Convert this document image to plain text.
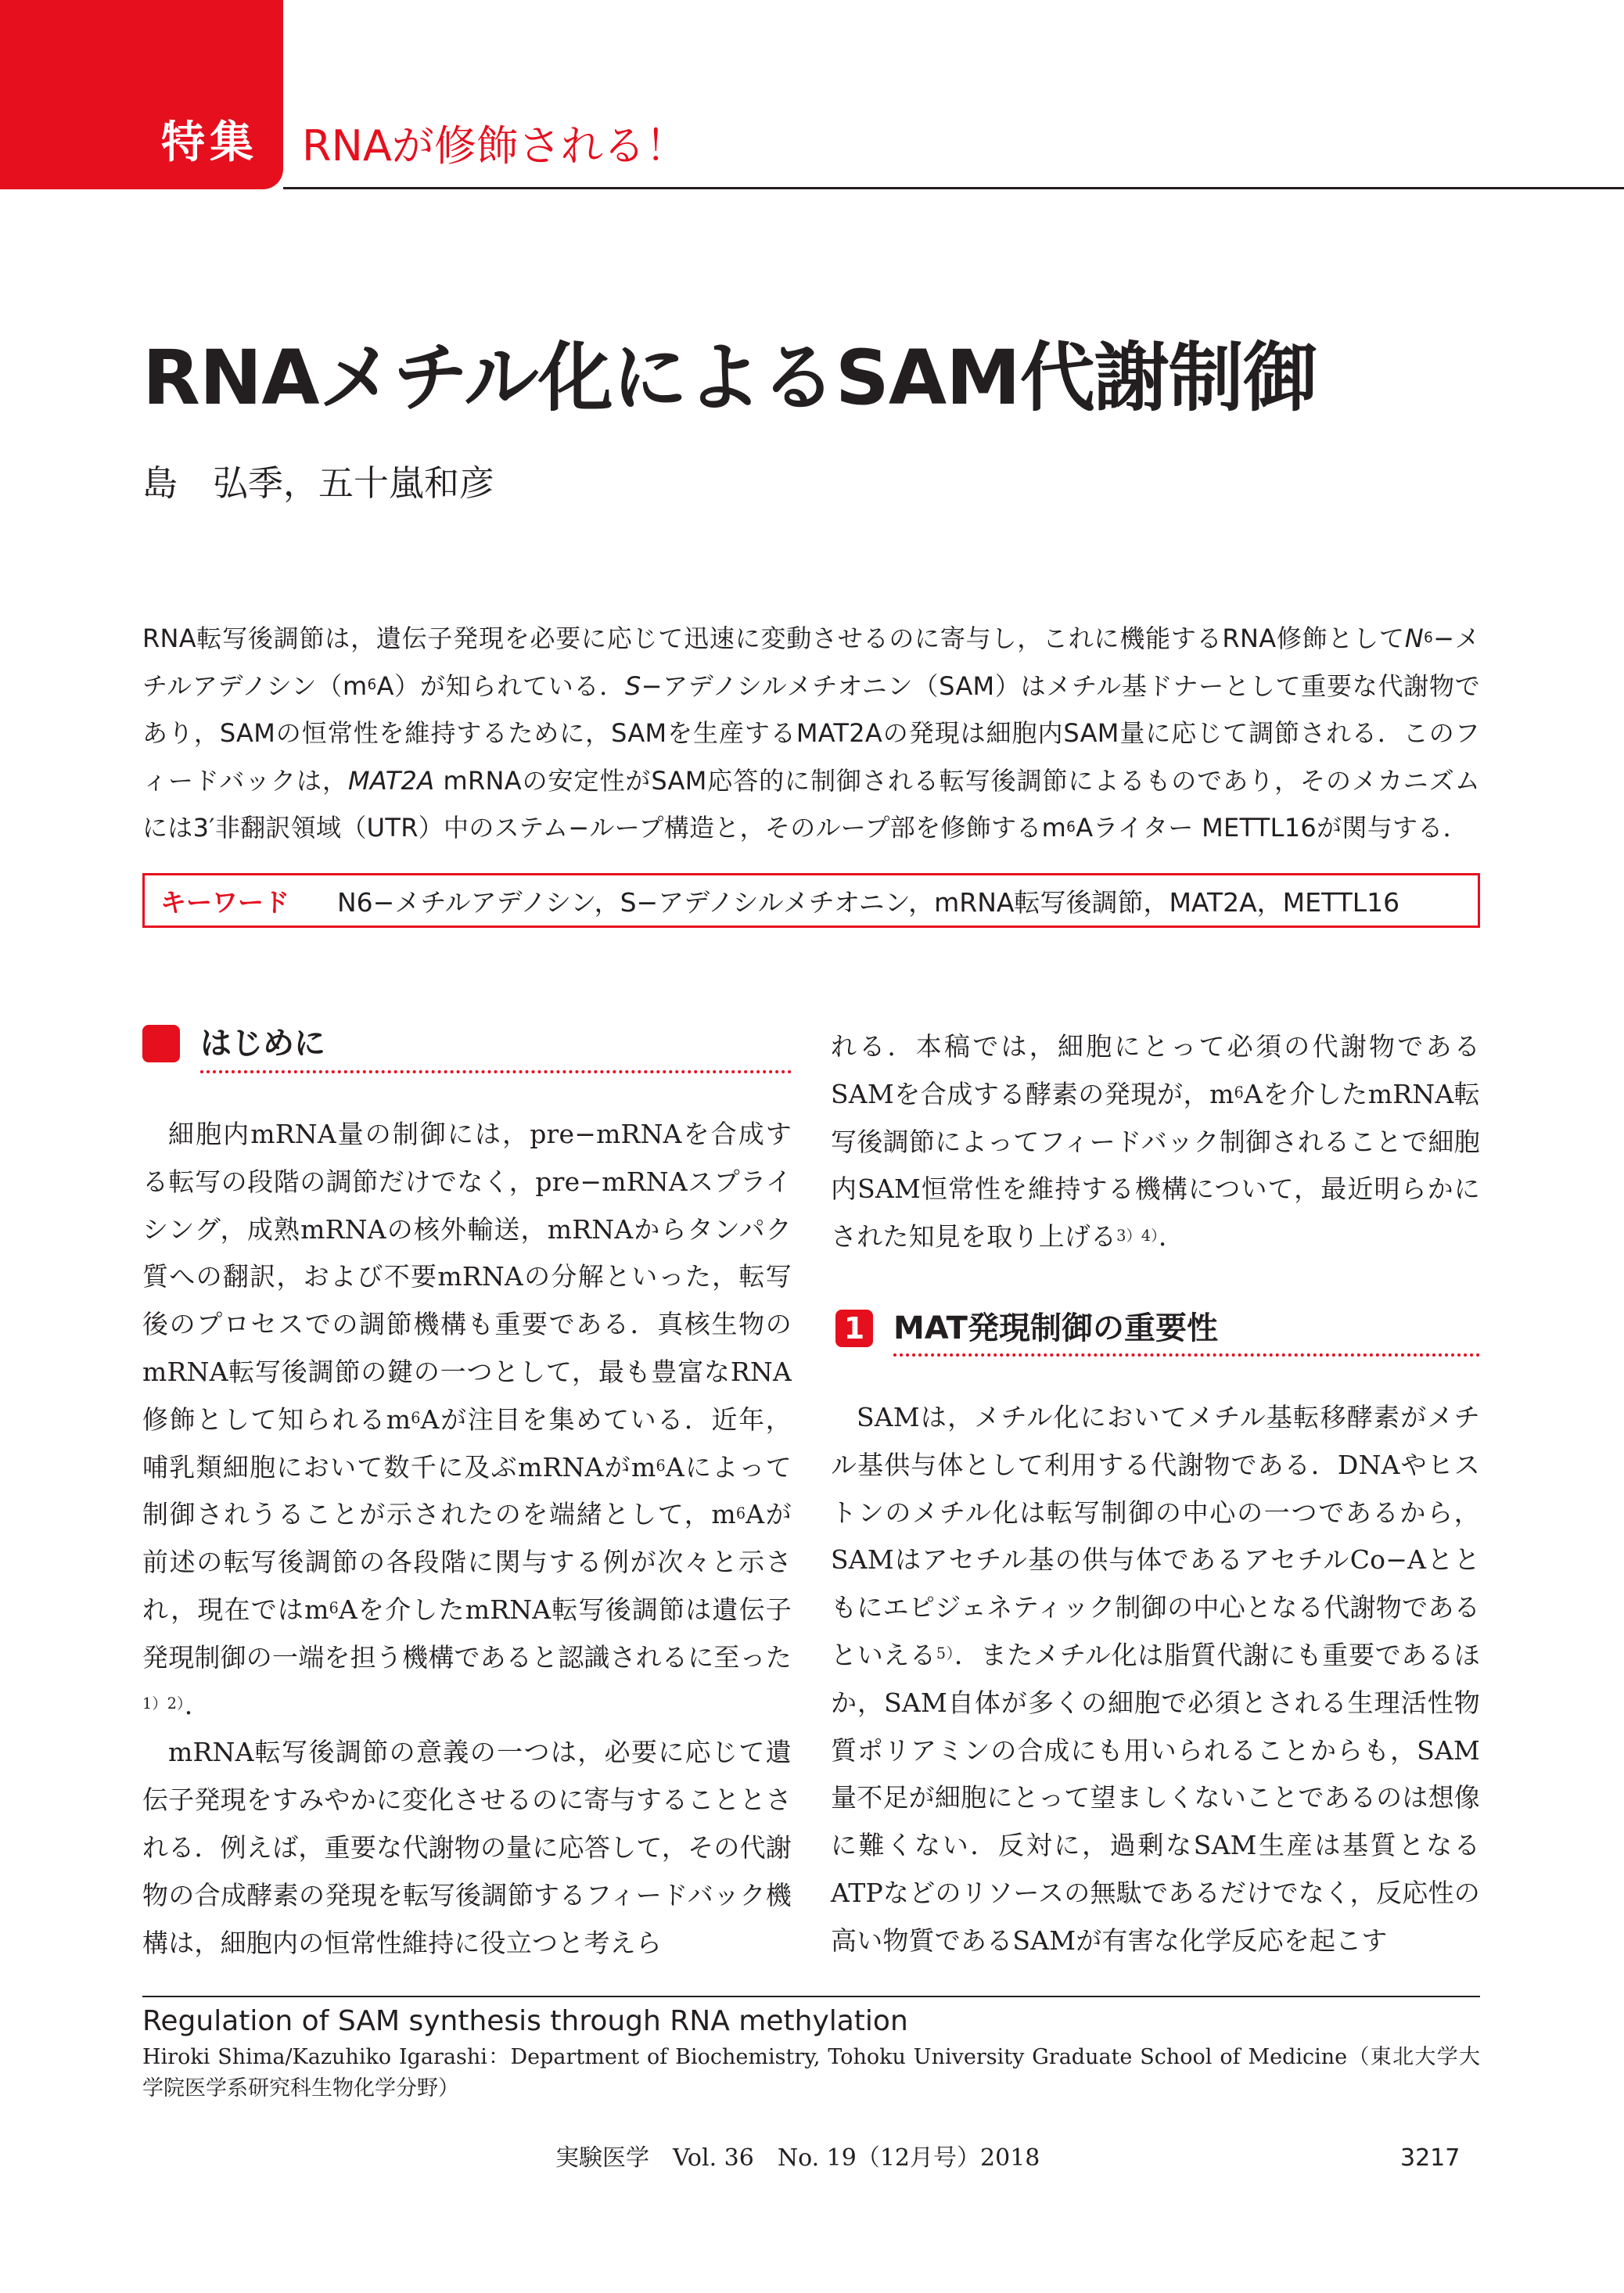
特集 RNAが修飾される！
RNAメチル化によるSAM代謝制御
島　弘季，五十嵐和彦

RNA転写後調節は，遺伝子発現を必要に応じて迅速に変動させるのに寄与し，これに機能するRNA修飾として$N^6-$メチルアデノシン$(m^6A)$が知られている．S−アデノシルメチオニン（SAM）はメチル基ドナーとして重要な代謝物であり，SAMの恒常性を維持するために，SAMを生産するMAT2Aの発現は細胞内SAM量に応じて調節される．このフィードバックは，MAT2A mRNAの安定性がSAM応答的に制御される転写後調節によるものであり，そのメカニズムには3′非翻訳領域（UTR）中のステム−ループ構造と，そのループ部を修飾する$m^6A$ライター METTL16が関与する．

キーワード	N6−メチルアデノシン，S−アデノシルメチオニン，mRNA転写後調節，MAT2A，METTL16
はじめに

細胞内mRNA量の制御には，pre−mRNAを合成する転写の段階の調節だけでなく，pre−mRNAスプライシング，成熟mRNAの核外輸送，mRNAからタンパク質への翻訳，および不要mRNAの分解といった，転写後のプロセスでの調節機構も重要である．真核生物のmRNA転写後調節の鍵の一つとして，最も豊富なRNA修飾として知られる$m^6A$が注目を集めている．近年，哺乳類細胞において数千に及ぶmRNAが$m^6A$によって制御されうることが示されたのを端緒として，$m^6A$が前述の転写後調節の各段階に関与する例が次々と示され，現在では$m^6A$を介したmRNA転写後調節は遺伝子発現制御の一端を担う機構であると認識されるに至った$^{1)2)}$．

mRNA転写後調節の意義の一つは，必要に応じて遺伝子発現をすみやかに変化させるのに寄与することとされる．例えば，重要な代謝物の量に応答して，その代謝物の合成酵素の発現を転写後調節するフィードバック機構は，細胞内の恒常性維持に役立つと考えら

れる．本稿では，細胞にとって必須の代謝物であるSAMを合成する酵素の発現が，$m^6A$を介したmRNA転写後調節によってフィードバック制御されることで細胞内SAM恒常性を維持する機構について，最近明らかにされた知見を取り上げる$^{3)4)}$．

1 MAT発現制御の重要性

SAMは，メチル化においてメチル基転移酵素がメチル基供与体として利用する代謝物である．DNAやヒストンのメチル化は転写制御の中心の一つであるから，SAMはアセチル基の供与体であるアセチルCo−Aとともにエピジェネティック制御の中心となる代謝物であるといえる$^{5)}$．またメチル化は脂質代謝にも重要であるほか，SAM自体が多くの細胞で必須とされる生理活性物質ポリアミンの合成にも用いられることからも，SAM量不足が細胞にとって望ましくないことであるのは想像に難くない．反対に，過剰なSAM生産は基質となるATPなどのリソースの無駄であるだけでなく，反応性の高い物質であるSAMが有害な化学反応を起こす

Regulation of SAM synthesis through RNA methylation

Hiroki Shima/Kazuhiko Igarashi：Department of Biochemistry, Tohoku University Graduate School of Medicine（東北大学大学院医学系研究科生物化学分野）

実験医学　Vol. 36　No. 19（12月号）2018	3217
